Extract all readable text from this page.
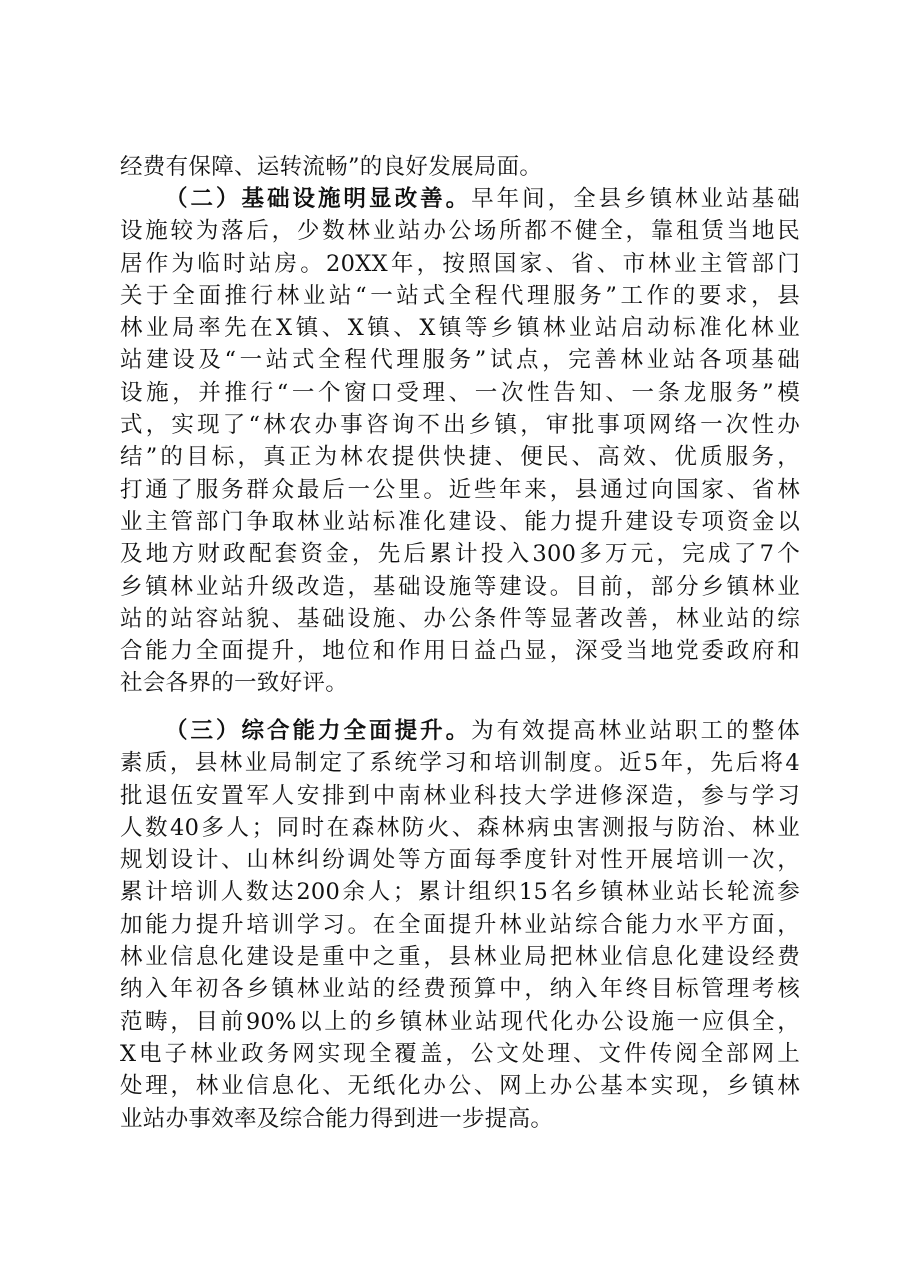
经费有保障、运转流畅”的良好发展局面。
（二）基础设施明显改善。早年间，全县乡镇林业站基础
设施较为落后，少数林业站办公场所都不健全，靠租赁当地民
居作为临时站房。20XX年，按照国家、省、市林业主管部门
关于全面推行林业站“一站式全程代理服务”工作的要求，县
林业局率先在X镇、X镇、X镇等乡镇林业站启动标准化林业
站建设及“一站式全程代理服务”试点，完善林业站各项基础
设施，并推行“一个窗口受理、一次性告知、一条龙服务”模
式，实现了“林农办事咨询不出乡镇，审批事项网络一次性办
结”的目标，真正为林农提供快捷、便民、高效、优质服务，
打通了服务群众最后一公里。近些年来，县通过向国家、省林
业主管部门争取林业站标准化建设、能力提升建设专项资金以
及地方财政配套资金，先后累计投入300多万元，完成了7个
乡镇林业站升级改造，基础设施等建设。目前，部分乡镇林业
站的站容站貌、基础设施、办公条件等显著改善，林业站的综
合能力全面提升，地位和作用日益凸显，深受当地党委政府和
社会各界的一致好评。
（三）综合能力全面提升。为有效提高林业站职工的整体
素质，县林业局制定了系统学习和培训制度。近5年，先后将4
批退伍安置军人安排到中南林业科技大学进修深造，参与学习
人数40多人；同时在森林防火、森林病虫害测报与防治、林业
规划设计、山林纠纷调处等方面每季度针对性开展培训一次，
累计培训人数达200余人；累计组织15名乡镇林业站长轮流参
加能力提升培训学习。在全面提升林业站综合能力水平方面，
林业信息化建设是重中之重，县林业局把林业信息化建设经费
纳入年初各乡镇林业站的经费预算中，纳入年终目标管理考核
范畴，目前90%以上的乡镇林业站现代化办公设施一应俱全，
X电子林业政务网实现全覆盖，公文处理、文件传阅全部网上
处理，林业信息化、无纸化办公、网上办公基本实现，乡镇林
业站办事效率及综合能力得到进一步提高。
